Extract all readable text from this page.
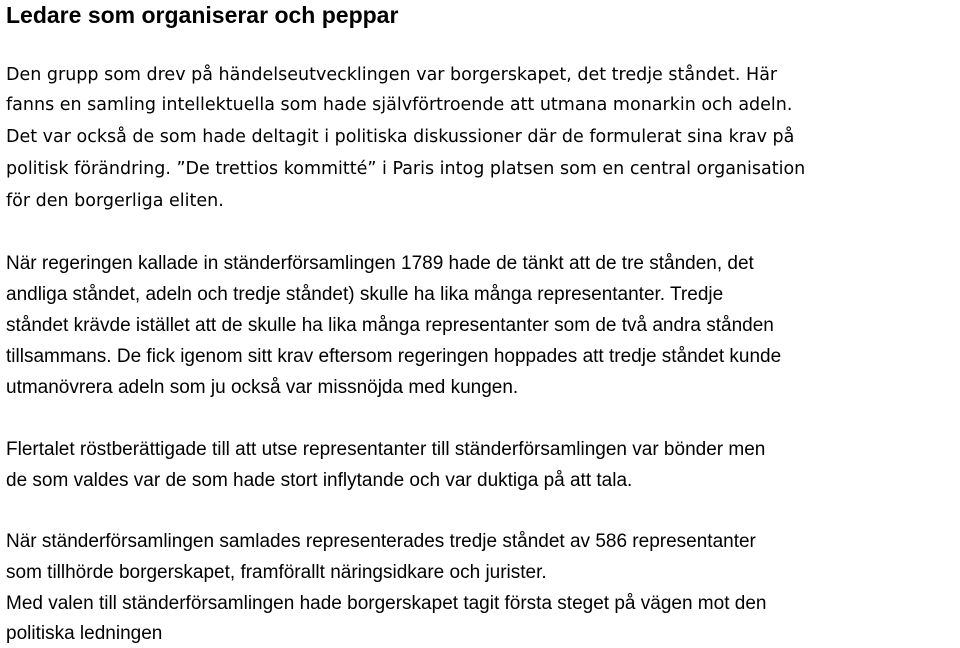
Ledare som organiserar och peppar

Den grupp som drev på händelseutvecklingen var borgerskapet, det tredje ståndet. Här

fanns en samling intellektuella som hade självförtroende att utmana monarkin och adeln.

Det var också de som hade deltagit i politiska diskussioner där de formulerat sina krav på

politisk förändring. ”De trettios kommitté” i Paris intog platsen som en central organisation

för den borgerliga eliten.

När regeringen kallade in ständerförsamlingen 1789 hade de tänkt att de tre stånden, det

andliga ståndet, adeln och tredje ståndet) skulle ha lika många representanter. Tredje

ståndet krävde istället att de skulle ha lika många representanter som de två andra stånden

tillsammans. De fick igenom sitt krav eftersom regeringen hoppades att tredje ståndet kunde

utmanövrera adeln som ju också var missnöjda med kungen.

Flertalet röstberättigade till att utse representanter till ständerförsamlingen var bönder men

de som valdes var de som hade stort inflytande och var duktiga på att tala.

När ständerförsamlingen samlades representerades tredje ståndet av 586 representanter

som tillhörde borgerskapet, framförallt näringsidkare och jurister.

Med valen till ständerförsamlingen hade borgerskapet tagit första steget på vägen mot den

politiska ledningen
